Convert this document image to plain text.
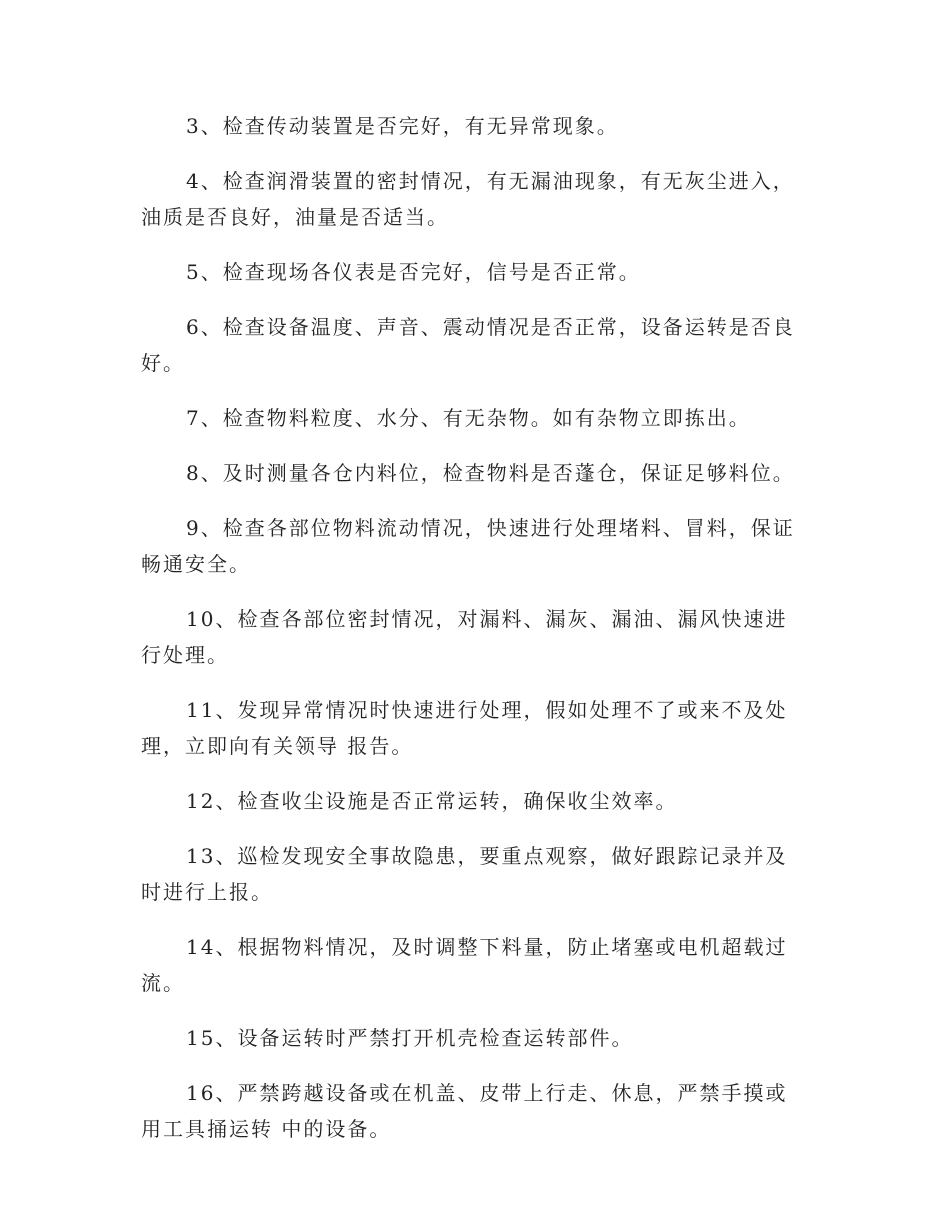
3、检查传动装置是否完好，有无异常现象。

4、检查润滑装置的密封情况，有无漏油现象，有无灰尘进入，油质是否良好，油量是否适当。

5、检查现场各仪表是否完好，信号是否正常。

6、检查设备温度、声音、震动情况是否正常，设备运转是否良好。

7、检查物料粒度、水分、有无杂物。如有杂物立即拣出。

8、及时测量各仓内料位，检查物料是否蓬仓，保证足够料位。

9、检查各部位物料流动情况，快速进行处理堵料、冒料，保证畅通安全。

10、检查各部位密封情况，对漏料、漏灰、漏油、漏风快速进行处理。

11、发现异常情况时快速进行处理，假如处理不了或来不及处理，立即向有关领导 报告。

12、检查收尘设施是否正常运转，确保收尘效率。

13、巡检发现安全事故隐患，要重点观察，做好跟踪记录并及时进行上报。

14、根据物料情况，及时调整下料量，防止堵塞或电机超载过流。

15、设备运转时严禁打开机壳检查运转部件。

16、严禁跨越设备或在机盖、皮带上行走、休息，严禁手摸或用工具捅运转 中的设备。
